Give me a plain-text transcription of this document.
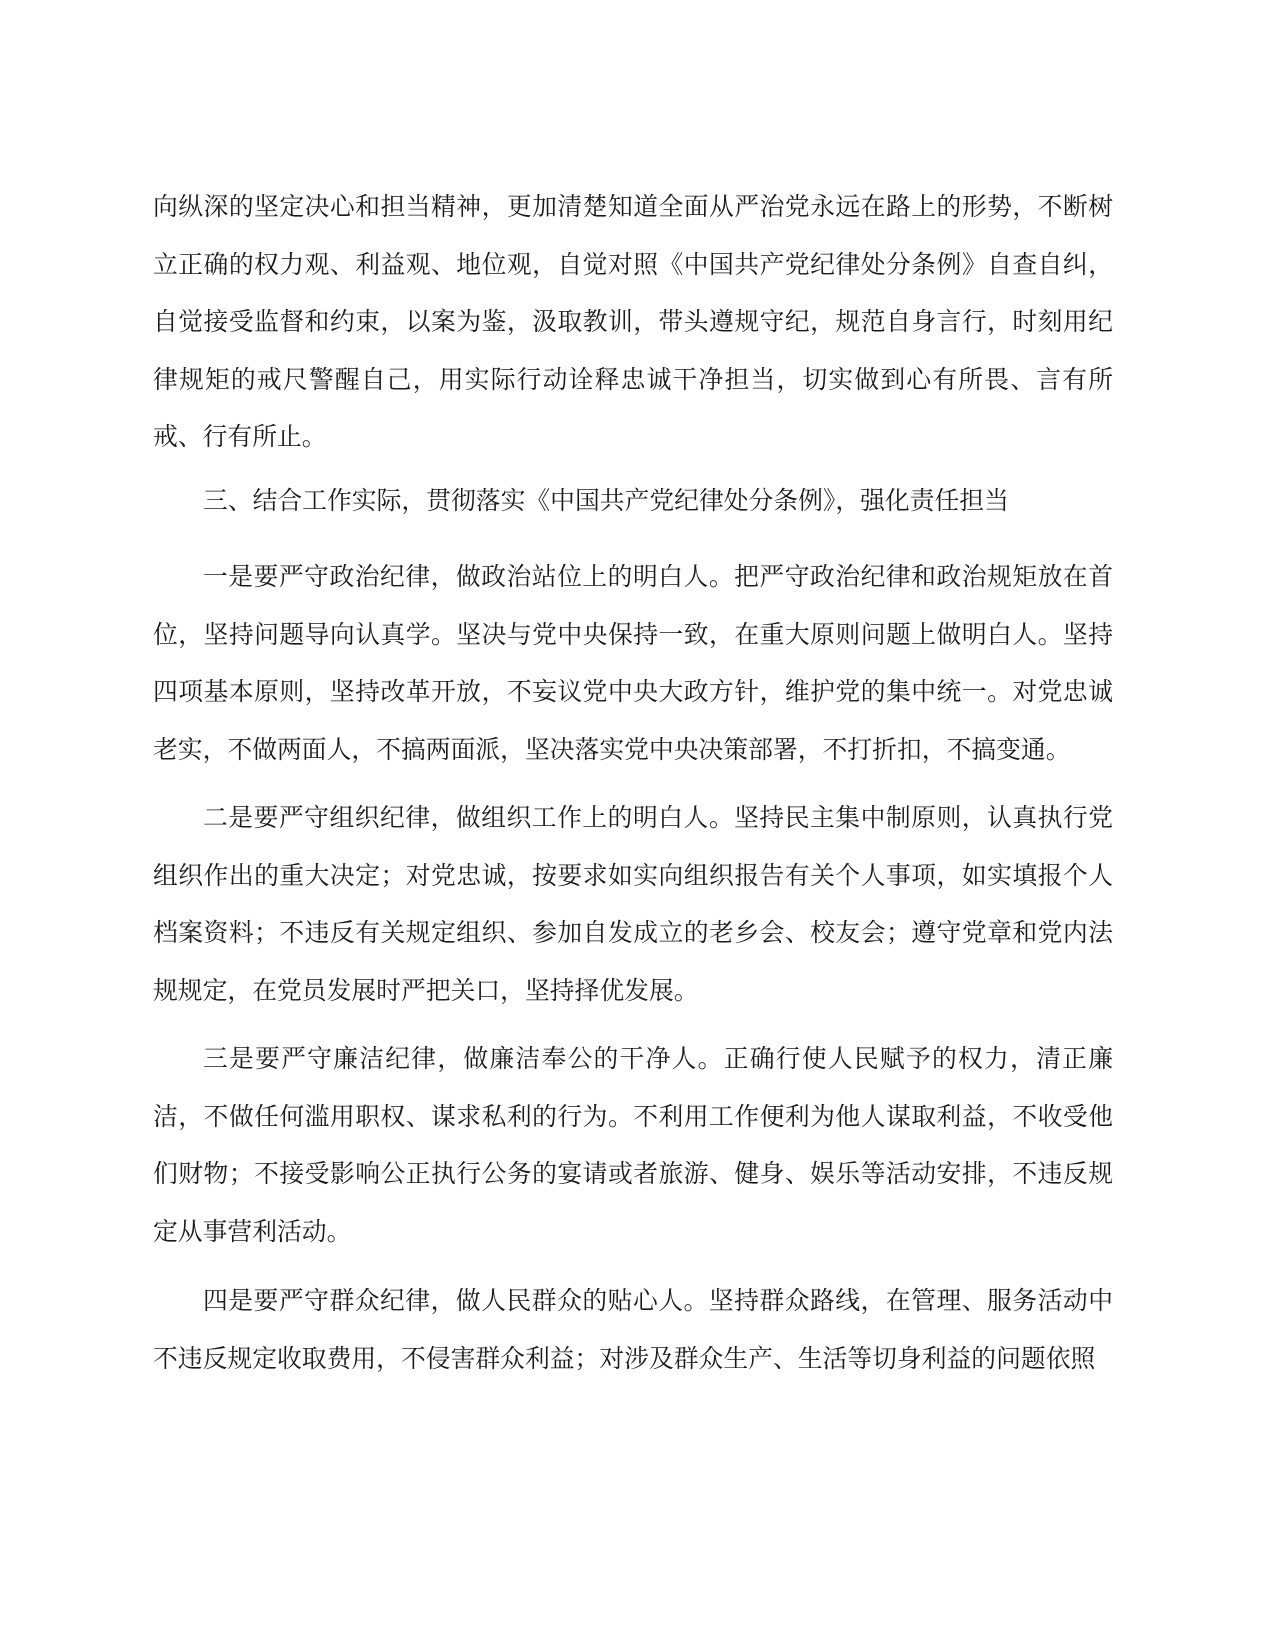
向纵深的坚定决心和担当精神，更加清楚知道全面从严治党永远在路上的形势，不断树立正确的权力观、利益观、地位观，自觉对照《中国共产党纪律处分条例》自查自纠，自觉接受监督和约束，以案为鉴，汲取教训，带头遵规守纪，规范自身言行，时刻用纪律规矩的戒尺警醒自己，用实际行动诠释忠诚干净担当，切实做到心有所畏、言有所戒、行有所止。

三、结合工作实际，贯彻落实《中国共产党纪律处分条例》，强化责任担当

一是要严守政治纪律，做政治站位上的明白人。把严守政治纪律和政治规矩放在首位，坚持问题导向认真学。坚决与党中央保持一致，在重大原则问题上做明白人。坚持四项基本原则，坚持改革开放，不妄议党中央大政方针，维护党的集中统一。对党忠诚老实，不做两面人，不搞两面派，坚决落实党中央决策部署，不打折扣，不搞变通。

二是要严守组织纪律，做组织工作上的明白人。坚持民主集中制原则，认真执行党组织作出的重大决定；对党忠诚，按要求如实向组织报告有关个人事项，如实填报个人档案资料；不违反有关规定组织、参加自发成立的老乡会、校友会；遵守党章和党内法规规定，在党员发展时严把关口，坚持择优发展。

三是要严守廉洁纪律，做廉洁奉公的干净人。正确行使人民赋予的权力，清正廉洁，不做任何滥用职权、谋求私利的行为。不利用工作便利为他人谋取利益，不收受他们财物；不接受影响公正执行公务的宴请或者旅游、健身、娱乐等活动安排，不违反规定从事营利活动。

四是要严守群众纪律，做人民群众的贴心人。坚持群众路线，在管理、服务活动中不违反规定收取费用，不侵害群众利益；对涉及群众生产、生活等切身利益的问题依照
